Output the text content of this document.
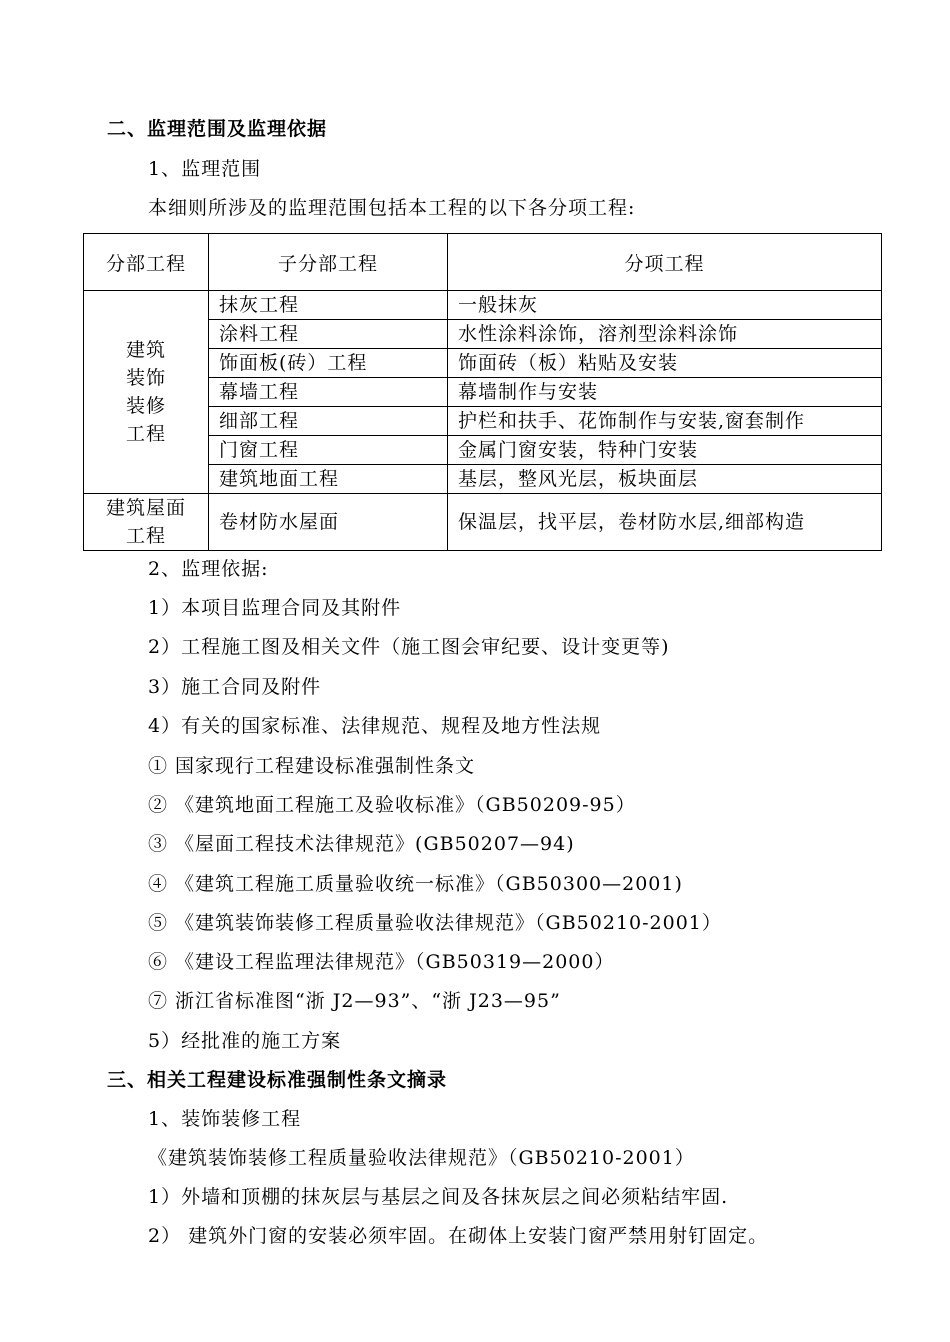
二、监理范围及监理依据
1、监理范围
本细则所涉及的监理范围包括本工程的以下各分项工程:
分部工程	子分部工程	分项工程

建筑
装饰
装修
工程	抹灰工程	一般抹灰
	涂料工程	水性涂料涂饰，溶剂型涂料涂饰
	饰面板(砖）工程	饰面砖（板）粘贴及安装
	幕墙工程	幕墙制作与安装
	细部工程	护栏和扶手、花饰制作与安装,窗套制作
	门窗工程	金属门窗安装，特种门安装
	建筑地面工程	基层，整风光层，板块面层

建筑屋面
工程	卷材防水屋面	保温层，找平层，卷材防水层,细部构造
2、监理依据:
1）本项目监理合同及其附件
2）工程施工图及相关文件（施工图会审纪要、设计变更等)
3）施工合同及附件
4）有关的国家标准、法律规范、规程及地方性法规
① 国家现行工程建设标准强制性条文
② 《建筑地面工程施工及验收标准》（GB50209-95）
③ 《屋面工程技术法律规范》(GB50207—94)
④ 《建筑工程施工质量验收统一标准》（GB50300—2001)
⑤ 《建筑装饰装修工程质量验收法律规范》（GB50210-2001）
⑥ 《建设工程监理法律规范》（GB50319—2000）
⑦ 浙江省标准图“浙 J2—93”、“浙 J23—95”
5）经批准的施工方案
三、相关工程建设标准强制性条文摘录
1、装饰装修工程
《建筑装饰装修工程质量验收法律规范》（GB50210-2001）
1）外墙和顶棚的抹灰层与基层之间及各抹灰层之间必须粘结牢固.
2） 建筑外门窗的安装必须牢固。在砌体上安装门窗严禁用射钉固定。
